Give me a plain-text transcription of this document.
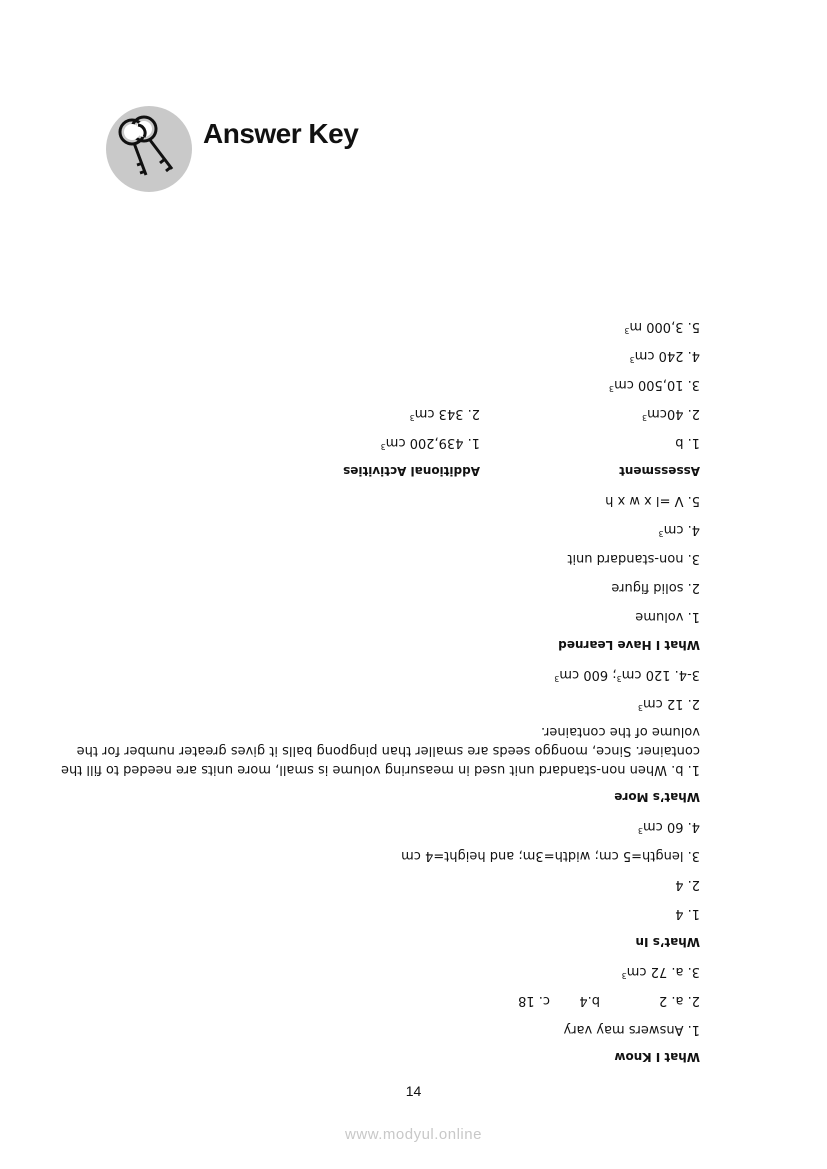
Answer Key
What I Know
1. Answers may vary
2. a. 2
b.4
c. 18
3. a. 72 $cm^3$
What’s In
1. 4
2. 4
3. length=5 cm; width=3m; and height=4 cm
4. 60 $cm^3$
What’s More
1. b. When non-standard unit used in measuring volume is small, more units are needed to fill the
container. Since, monggo seeds are smaller than pingpong balls it gives greater number for the
volume of the container.
2. 12 $cm^3$
3-4. 120 $cm^3$; 600 $cm^3$
What I Have Learned
1. volume
2. solid figure
3. non-standard unit
4. $cm^3$
5. V =l x w x h
Assessment
1. b
2. $40cm^3$
3. 10,500 $cm^3$
4. 240 $cm^3$
5. 3,000 $m^3$
Additional Activities
1. 439,200 $cm^3$
2. 343 $cm^3$
14
www.modyul.online
